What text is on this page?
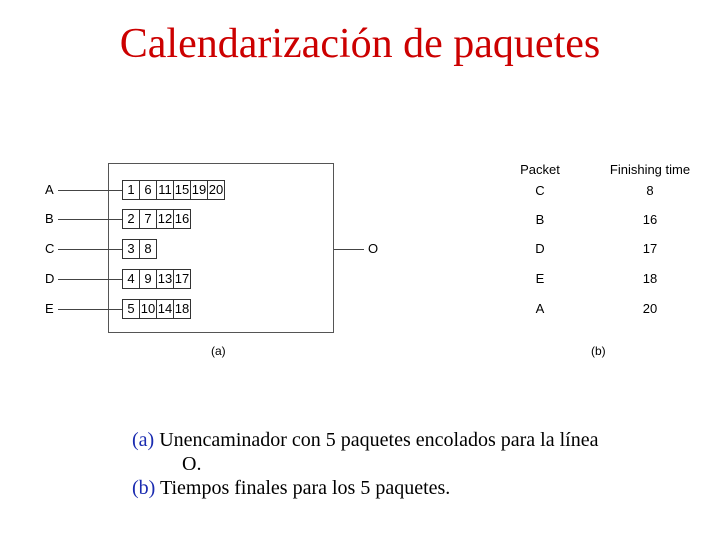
Calendarización de paquetes
A	1 6 11 15 19 20
B	2 7 12 16
C	3 8
D	4 9 13 17
E	5 10 14 18
O
(a)
Packet	Finishing time
C	8
B	16
D	17
E	18
A	20
(b)
(a) Unencaminador con 5 paquetes encolados para la línea
O.
(b) Tiempos finales para los 5 paquetes.
